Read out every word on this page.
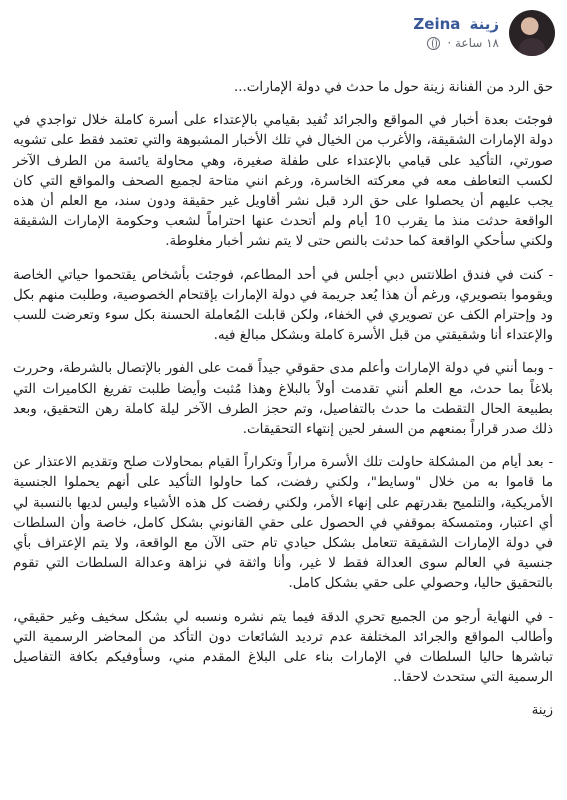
زينة Zeina
١٨ ساعة ·

حق الرد من الفنانة زينة حول ما حدث في دولة الإمارات...

فوجئت بعدة أخبار في المواقع والجرائد تُفيد بقيامي بالإعتداء على أسرة كاملة خلال تواجدي في دولة الإمارات الشقيقة، والأغرب من الخيال في تلك الأخبار المشبوهة والتي تعتمد فقط على تشويه صورتي، التأكيد على قيامي بالإعتداء على طفلة صغيرة، وهي محاولة يائسة من الطرف الآخر لكسب التعاطف معه في معركته الخاسرة، ورغم انني متاحة لجميع الصحف والمواقع التي كان يجب عليهم أن يحصلوا على حق الرد قبل نشر أقاويل غير حقيقة ودون سند، مع العلم أن هذه الواقعة حدثت منذ ما يقرب 10 أيام ولم أتحدث عنها احتراماً لشعب وحكومة الإمارات الشقيقة ولكني سأحكي الواقعة كما حدثت بالنص حتى لا يتم نشر أخبار مغلوطة.

- كنت في فندق اطلانتس دبي أجلس في أحد المطاعم، فوجئت بأشخاص يقتحموا حياتي الخاصة ويقوموا بتصويري، ورغم أن هذا يُعد جريمة في دولة الإمارات بإقتحام الخصوصية، وطلبت منهم بكل ود وإحترام الكف عن تصويري في الخفاء، ولكن قابلت المُعاملة الحسنة بكل سوء وتعرضت للسب والإعتداء أنا وشقيقتي من قبل الأسرة كاملة وبشكل مبالغ فيه.

- وبما أنني في دولة الإمارات وأعلم مدى حقوقي جيداً قمت على الفور بالإتصال بالشرطة، وحررت بلاغاً بما حدث، مع العلم أنني تقدمت أولاً بالبلاغ وهذا مُثبت وأيضا طلبت تفريغ الكاميرات التي بطبيعة الحال التقطت ما حدث بالتفاصيل، وتم حجز الطرف الآخر ليلة كاملة رهن التحقيق، وبعد ذلك صدر قراراً بمنعهم من السفر لحين إنتهاء التحقيقات.

- بعد أيام من المشكلة حاولت تلك الأسرة مراراً وتكراراً القيام بمحاولات صلح وتقديم الاعتذار عن ما قاموا به من خلال "وسايط"، ولكني رفضت، كما حاولوا التأكيد على أنهم يحملوا الجنسية الأمريكية، والتلميح بقدرتهم على إنهاء الأمر، ولكني رفضت كل هذه الأشياء وليس لديها بالنسبة لي أي اعتبار، ومتمسكة بموقفي في الحصول على حقي القانوني بشكل كامل، خاصة وأن السلطات في دولة الإمارات الشقيقة تتعامل بشكل حيادي تام حتى الآن مع الواقعة، ولا يتم الإعتراف بأي جنسية في العالم سوى العدالة فقط لا غير، وأنا واثقة في نزاهة وعدالة السلطات التي تقوم بالتحقيق حاليا، وحصولي على حقي بشكل كامل.

- في النهاية أرجو من الجميع تحري الدقة فيما يتم نشره ونسبه لي بشكل سخيف وغير حقيقي، وأطالب المواقع والجرائد المختلفة عدم ترديد الشائعات دون التأكد من المحاضر الرسمية التي تباشرها حاليا السلطات في الإمارات بناء على البلاغ المقدم مني، وسأوفيكم بكافة التفاصيل الرسمية التي ستحدث لاحقا..

زينة
